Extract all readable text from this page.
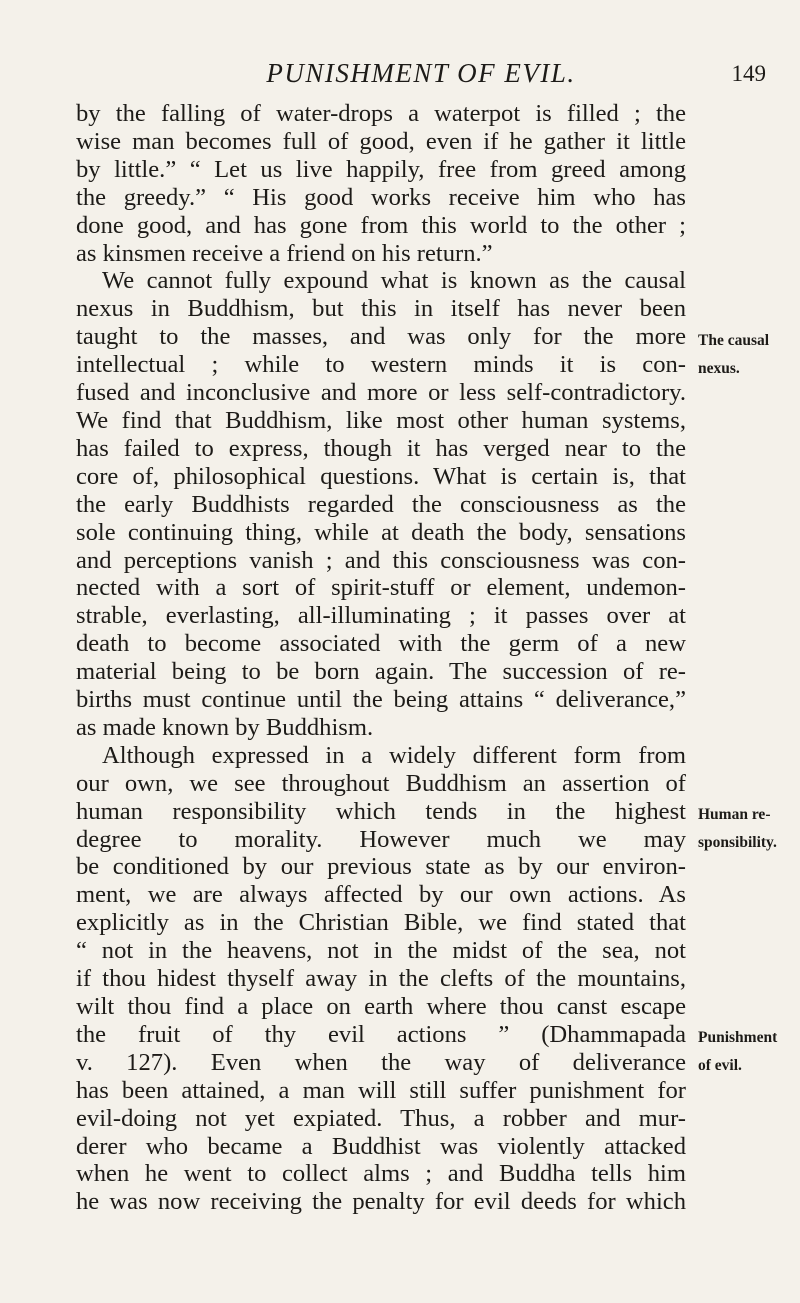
PUNISHMENT OF EVIL.	149
by the falling of water-drops a waterpot is filled ; the
wise man becomes full of good, even if he gather it little
by little.” “ Let us live happily, free from greed among
the greedy.” “ His good works receive him who has
done good, and has gone from this world to the other ;
as kinsmen receive a friend on his return.”
We cannot fully expound what is known as the causal
nexus in Buddhism, but this in itself has never been
taught to the masses, and was only for the more
intellectual ; while to western minds it is con-
fused and inconclusive and more or less self-contradictory.
We find that Buddhism, like most other human systems,
has failed to express, though it has verged near to the
core of, philosophical questions. What is certain is, that
the early Buddhists regarded the consciousness as the
sole continuing thing, while at death the body, sensations
and perceptions vanish ; and this consciousness was con-
nected with a sort of spirit-stuff or element, undemon-
strable, everlasting, all-illuminating ; it passes over at
death to become associated with the germ of a new
material being to be born again. The succession of re-
births must continue until the being attains “ deliverance,”
as made known by Buddhism.
Although expressed in a widely different form from
our own, we see throughout Buddhism an assertion of
human responsibility which tends in the highest
degree to morality. However much we may
be conditioned by our previous state as by our environ-
ment, we are always affected by our own actions. As
explicitly as in the Christian Bible, we find stated that
“ not in the heavens, not in the midst of the sea, not
if thou hidest thyself away in the clefts of the mountains,
wilt thou find a place on earth where thou canst escape
the fruit of thy evil actions ” (Dhammapada
v. 127). Even when the way of deliverance
has been attained, a man will still suffer punishment for
evil-doing not yet expiated. Thus, a robber and mur-
derer who became a Buddhist was violently attacked
when he went to collect alms ; and Buddha tells him
he was now receiving the penalty for evil deeds for which
The causal
nexus.
Human re-
sponsibility.
Punishment
of evil.
